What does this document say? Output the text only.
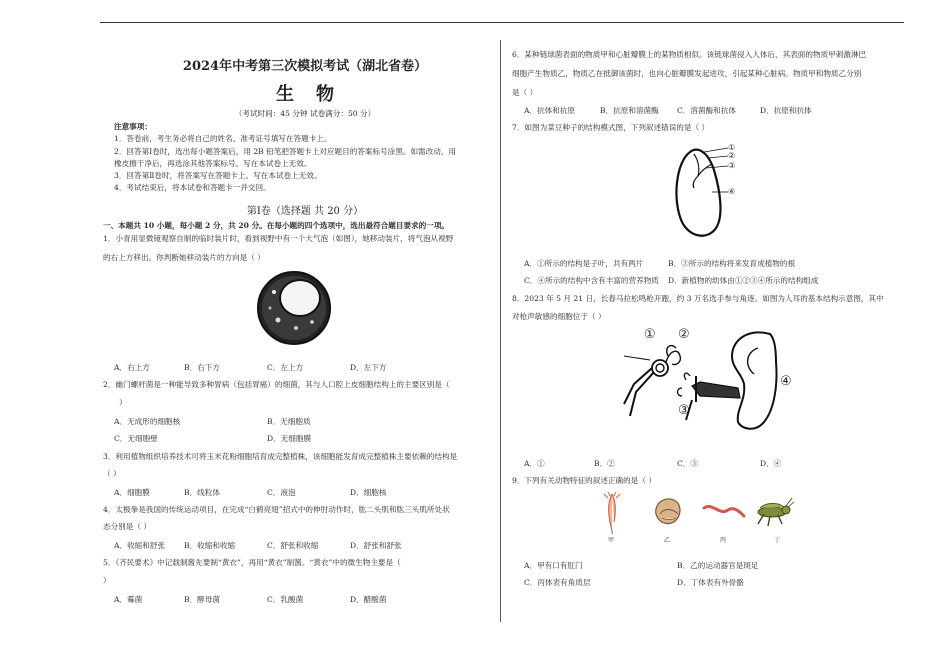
2024年中考第三次模拟考试（湖北省卷）
生物
（考试时间：45 分钟 试卷满分：50 分）
注意事项：
1．答卷前，考生务必将自己的姓名、准考证号填写在答题卡上。
2．回答第Ⅰ卷时，选出每小题答案后，用 2B 铅笔把答题卡上对应题目的答案标号涂黑。如需改动，用
橡皮擦干净后，再选涂其他答案标号。写在本试卷上无效。
3．回答第Ⅱ卷时，将答案写在答题卡上。写在本试卷上无效。
4．考试结束后，将本试卷和答题卡一并交回。
第Ⅰ卷（选择题 共 20 分）
一、本题共 10 小题，每小题 2 分，共 20 分。在每小题的四个选项中，选出最符合题目要求的一项。
1．小青用显微镜观察自制的临时装片时，看到视野中有一个大气泡（如图），她移动装片，将气泡从视野
的右上方移出。你判断她移动装片的方向是（ ）
A．右上方	B．右下方	C．左上方	D．左下方
2．幽门螺杆菌是一种能导致多种胃病（包括胃癌）的细菌，其与人口腔上皮细胞结构上的主要区别是（
）
A．无成形的细胞核	B．无细胞质
C．无细胞壁	D．无细胞膜
3．利用植物组织培养技术可将玉米花粉细胞培育成完整植株，该细胞能发育成完整植株主要依赖的结构是
（ ）
A．细胞膜	B．线粒体	C．液泡	D．细胞核
4．太极拳是我国的传统运动项目，在完成“白鹤亮翅”招式中的伸肘动作时，肱二头肌和肱三头肌所处状
态分别是（ ）
A．收缩和舒张 B．收缩和收缩	C．舒张和收缩	D．舒张和舒张
5．《齐民要术》中记载制酱先要制“黄衣”，再用“黄衣”制酱。“黄衣”中的微生物主要是（
）
A．霉菌	B．酵母菌	C．乳酸菌	D．醋酸菌
6．某种链球菌表面的物质甲和心脏瓣膜上的某物质相似。该链球菌侵入人体后，其表面的物质甲刺激淋巴
细胞产生物质乙，物质乙在抵御该菌时，也向心脏瓣膜发起进攻，引起某种心脏病。物质甲和物质乙分别
是（ ）
A．抗体和抗原	B．抗原和溶菌酶 C．溶菌酶和抗体	D．抗原和抗体
7．如图为菜豆种子的结构模式图，下列叙述错误的是（ ）
①
②
③
④
A．①所示的结构是子叶，共有两片	B．③所示的结构将来发育成植物的根
C．④所示的结构中含有丰富的营养物质 D．新植物的幼体由①②③④所示的结构组成
8．2023 年 5 月 21 日，长春马拉松鸣枪开跑，约 3 万名选手参与角逐。如图为人耳的基本结构示意图，其中
对枪声敏感的细胞位于（ ）
① ②
③
④
A．①	B．②	C．③	D．④
9．下列有关动物特征的叙述正确的是（ ）
甲	乙	丙	丁
A．甲有口有肛门	B．乙的运动器官是斑足
C．丙体表有角质层	D．丁体表有外骨骼
